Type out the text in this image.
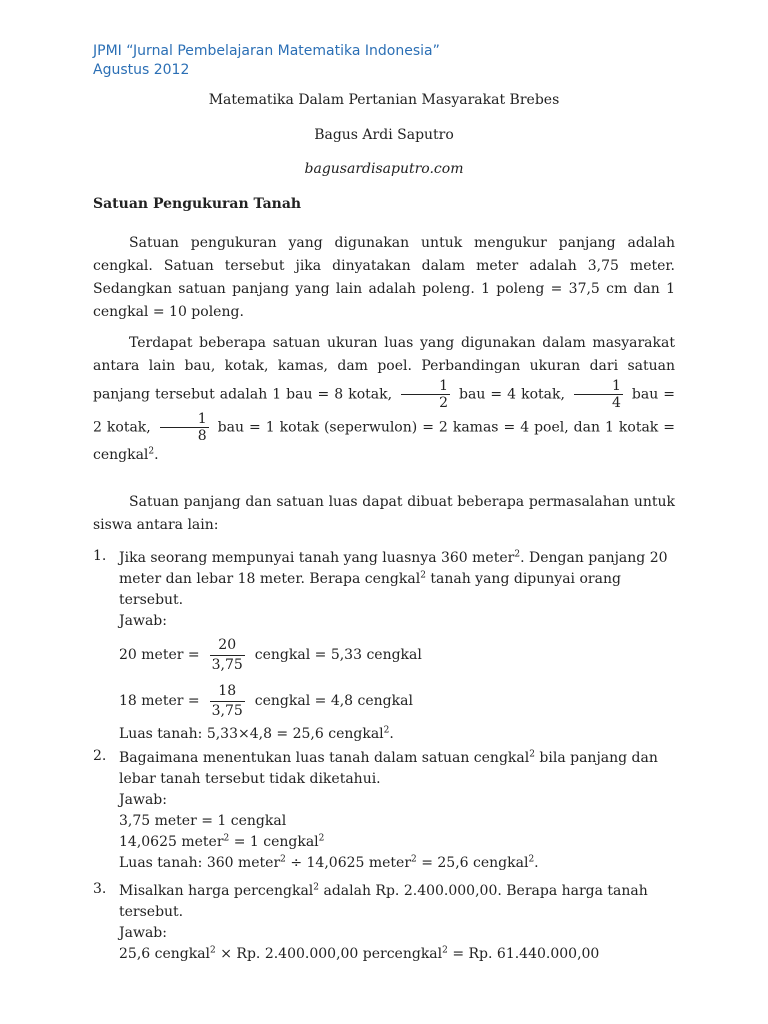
JPMI “Jurnal Pembelajaran Matematika Indonesia”
Agustus 2012
Matematika Dalam Pertanian Masyarakat Brebes
Bagus Ardi Saputro
bagusardisaputro.com
Satuan Pengukuran Tanah
Satuan pengukuran yang digunakan untuk mengukur panjang adalah cengkal. Satuan tersebut jika dinyatakan dalam meter adalah 3,75 meter. Sedangkan satuan panjang yang lain adalah poleng. 1 poleng = 37,5 cm dan 1 cengkal = 10 poleng.
Terdapat beberapa satuan ukuran luas yang digunakan dalam masyarakat antara lain bau, kotak, kamas, dam poel. Perbandingan ukuran dari satuan panjang tersebut adalah 1 bau = 8 kotak, $\frac{1}{2}$ bau = 4 kotak, $\frac{1}{4}$ bau = 2 kotak, $\frac{1}{8}$ bau = 1 kotak (seperwulon) = 2 kamas = 4 poel, dan 1 kotak = cengkal$^2$.
Satuan panjang dan satuan luas dapat dibuat beberapa permasalahan untuk siswa antara lain:
1. Jika seorang mempunyai tanah yang luasnya 360 meter$^2$. Dengan panjang 20 meter dan lebar 18 meter. Berapa cengkal$^2$ tanah yang dipunyai orang tersebut.
Jawab:
20 meter = $\frac{20}{3,75}$ cengkal = 5,33 cengkal
18 meter = $\frac{18}{3,75}$ cengkal = 4,8 cengkal
Luas tanah: 5,33×4,8 = 25,6 cengkal$^2$.
2. Bagaimana menentukan luas tanah dalam satuan cengkal$^2$ bila panjang dan lebar tanah tersebut tidak diketahui.
Jawab:
3,75 meter = 1 cengkal
14,0625 meter$^2$ = 1 cengkal$^2$
Luas tanah: 360 meter$^2$ ÷ 14,0625 meter$^2$ = 25,6 cengkal$^2$.
3. Misalkan harga percengkal$^2$ adalah Rp. 2.400.000,00. Berapa harga tanah tersebut.
Jawab:
25,6 cengkal$^2$ × Rp. 2.400.000,00 percengkal$^2$ = Rp. 61.440.000,00
